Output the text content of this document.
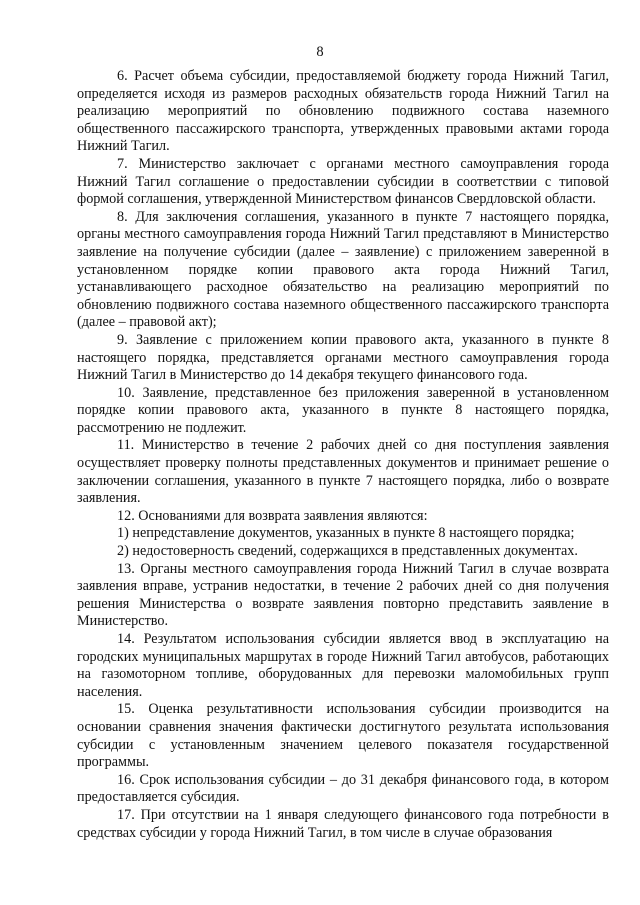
8

6. Расчет объема субсидии, предоставляемой бюджету города Нижний Тагил, определяется исходя из размеров расходных обязательств города Нижний Тагил на реализацию мероприятий по обновлению подвижного состава наземного общественного пассажирского транспорта, утвержденных правовыми актами города Нижний Тагил.

7. Министерство заключает с органами местного самоуправления города Нижний Тагил соглашение о предоставлении субсидии в соответствии с типовой формой соглашения, утвержденной Министерством финансов Свердловской области.

8. Для заключения соглашения, указанного в пункте 7 настоящего порядка, органы местного самоуправления города Нижний Тагил представляют в Министерство заявление на получение субсидии (далее – заявление) с приложением заверенной в установленном порядке копии правового акта города Нижний Тагил, устанавливающего расходное обязательство на реализацию мероприятий по обновлению подвижного состава наземного общественного пассажирского транспорта (далее – правовой акт);

9. Заявление с приложением копии правового акта, указанного в пункте 8 настоящего порядка, представляется органами местного самоуправления города Нижний Тагил в Министерство до 14 декабря текущего финансового года.

10. Заявление, представленное без приложения заверенной в установленном порядке копии правового акта, указанного в пункте 8 настоящего порядка, рассмотрению не подлежит.

11. Министерство в течение 2 рабочих дней со дня поступления заявления осуществляет проверку полноты представленных документов и принимает решение о заключении соглашения, указанного в пункте 7 настоящего порядка, либо о возврате заявления.

12. Основаниями для возврата заявления являются:

1) непредставление документов, указанных в пункте 8 настоящего порядка;

2) недостоверность сведений, содержащихся в представленных документах.

13. Органы местного самоуправления города Нижний Тагил в случае возврата заявления вправе, устранив недостатки, в течение 2 рабочих дней со дня получения решения Министерства о возврате заявления повторно представить заявление в Министерство.

14. Результатом использования субсидии является ввод в эксплуатацию на городских муниципальных маршрутах в городе Нижний Тагил автобусов, работающих на газомоторном топливе, оборудованных для перевозки маломобильных групп населения.

15. Оценка результативности использования субсидии производится на основании сравнения значения фактически достигнутого результата использования субсидии с установленным значением целевого показателя государственной программы.

16. Срок использования субсидии – до 31 декабря финансового года, в котором предоставляется субсидия.

17. При отсутствии на 1 января следующего финансового года потребности в средствах субсидии у города Нижний Тагил, в том числе в случае образования
